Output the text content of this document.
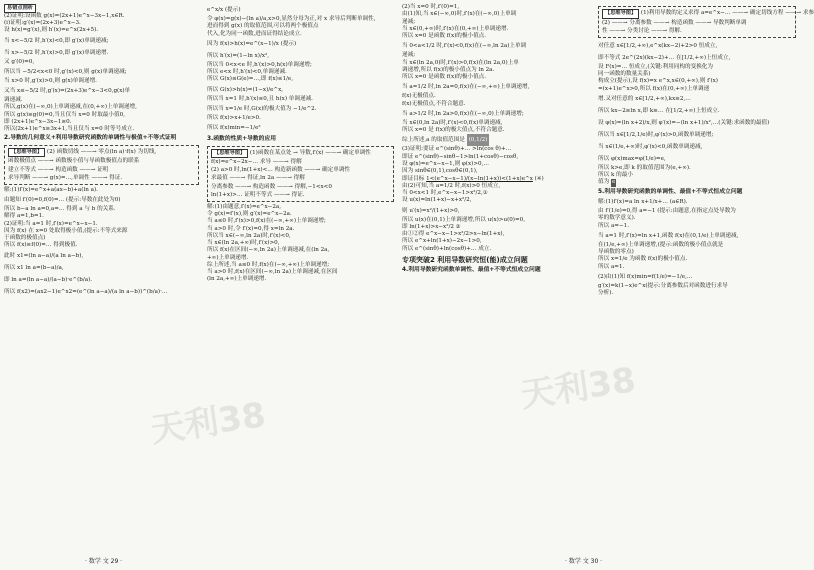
天利38
天利38
易错点剖析
(2)证明:设函数 g(x)=(2x+1)e^x−3x−1,x∈R.
(i)证明:g′(x)=(2x+3)e^x−3.
设 h(x)=g′(x),则 h′(x)=e^x(2x+5).
当 x<−5/2 时,h′(x)<0,即 g′(x)单调递减;
当 x>−5/2 时,h′(x)>0,即 g′(x)单调递增.
又 g′(0)=0,
所以当 −5/2<x<0 时,g′(x)<0,则 g(x)单调递减;
当 x>0 时,g′(x)>0,则 g(x)单调递增.
又当 x≤−5/2 时,g′(x)=(2x+3)e^x−3<0,g(x)单
调递减.
所以,g(x)在(−∞,0)上单调递减,在(0,+∞)上单调递增,
所以 g(x)≥g(0)=0,当且仅当 x=0 时取最小值0,
即 (2x+1)e^x−3x−1≥0.
所以(2x+1)e^x≥3x+1,当且仅当 x=0 时等号成立.
2.导数的几何意义+利用导数研究函数的单调性与极值+不等式证明
【思维导图】 (2) 函数切线 ——→ 零点(ln a)·f(x) 为切线,
函数极值点 ——→ 函数极小值与导函数极值点的联系
建立不等式 ——→ 构造函数 ——→ 证明
求导判断 ——→ g(x)=…,单调性 ——→ 得证.
解:(1)f′(x)=e^x+a(ax−b)+a(ln a).
由题知 f′(0)=0,f(0)=… (提示:导数在此处为0)
所以 b−a ln a=0,a=… 得到 a 与 b 的关系.
解得 a=1,b=1.
(2)证明:当 a=1 时,f′(x)=e^x−x−1.
因为 f(x) 在 x=0 处取得极小值,(提示:不等式来源
于函数的极值点)
所以 f(x)≥f(0)=… 得到极值.
此时 x1=(ln a−a)/(a ln a−b),
所以 x1 ln a=(b−a)/a,
即 ln a=(ln a−a)/(a−b)·e^(b/a).
所以 f(x2)=(ax2−1)e^x2=(e^(ln a−a)/(a ln a−b))^(b/a)·…
e^x/x (提示)
令 φ(x)=g(x)−(ln a)/a,x>0,显然分母为正,对 x 求导后判断单调性,
进而得到 g(x) 的取值范围,可以将两个极值点
代入,化为同一函数,进而证得结论成立.
因为 f(x)>h(x)=e^(x−1)/x (提示)
所以 h′(x)=(1−ln x)/x²,
所以当 0<x<e 时,h′(x)>0,h(x)单调递增;
所以 e<x 时,h′(x)<0,单调递减.
所以 G(x)≤G(e)=…,即 f(x)≤1/e,
所以 G(x)>h(x)=(1−x)/e^x,
所以当 x=1 时,h′(x)≤0,且 h(x) 单调递减.
所以当 x=1/e 时,G(x)的极大值为 −1/e^2.
所以 f(x)>x+1/e>0.
所以 f(x)min=−1/e²
3.函数的性质+导数的应用
【思维导图】 (1)函数在某点处 → 导数,f′(x) ——→ 确定单调性
f(x)=e^x−2x−… 求导 ——→ 得解
(2) a>0 时,ln(1+x)<… 构造新函数 ——→ 确定单调性
求最值 ——→ 得证,ln 2a ——→ 得解
分离参数 ——→ 构造函数 ——→ 得解,−1<x<0
ln(1+x)>… 证明不等式 ——→ 得证.
解:(1)由题意,f′(x)=e^x−2a,
令 g(x)=f′(x),则 g′(x)=e^x−2a.
当 a≤0 时,f′(x)>0,f(x)在(−∞,+∞)上单调递增;
当 a>0 时,令 f′(x)=0,得 x=ln 2a.
所以当 x∈(−∞,ln 2a)时,f′(x)<0,
当 x∈(ln 2a,+∞)时,f′(x)>0,
所以 f(x)在区间(−∞,ln 2a)上单调递减,在(ln 2a,
+∞)上单调递增.
综上所述,当 a≤0 时,f(x)在(−∞,+∞)上单调递增;
当 a>0 时,f(x)在区间(−∞,ln 2a)上单调递减,在区间
(ln 2a,+∞)上单调递增.
(2)当 x=0 时,f′(0)=1,
由(1)知,当 x∈(−∞,0)时,f′(x)在(−∞,0)上单调
递减;
当 x∈(0,+∞)时,f′(x)在(0,+∞)上单调递增.
所以 x=0 是函数 f(x)的极小值点.
当 0<a<1/2 时,f′(x)<0,f(x)在(−∞,ln 2a)上单调
递减;
当 x∈(ln 2a,0)时,f′(x)>0,f(x)在(ln 2a,0)上单
调递增,所以 f(x)的极小值点为 ln 2a.
所以 x=0 是函数 f(x)的极小值点.
当 a=1/2 时,ln 2a=0,f(x)在(−∞,+∞)上单调递增,
f(x)无极值点.
f(x)无极值点,不符合题意.
当 a>1/2 时,ln 2a>0,f(x)在(−∞,0)上单调递增;
当 x∈(0,ln 2a)时,f′(x)<0,f(x)单调递减,
所以 x=0 是 f(x)的极大值点,不符合题意.
综上所述,a 的取值范围是 (0,1/2)
(3)证明:要证 e^(sinθ)+… >ln(cos θ)+…
即证 e^(sinθ)−sinθ−1>ln(1+cosθ)−cosθ,
设 φ(x)=e^x−x−1,则 φ(x)>0,…
因为 sinθ∈(0,1),cosθ∈(0,1),
即证目标 1<(e^x−x−1)/(x−ln(1+x))<(1+x)e^x (※)
由(2)可知,当 a=1/2 时,f(x)>0 恒成立,
当 0<x<1 时,e^x−x−1>x²/2,①
设 u(x)=ln(1+x)−x+x²/2,
则 u′(x)=x²/(1+x)>0,
所以 u(x)在(0,1)上单调递增,所以 u(x)>u(0)=0,
即 ln(1+x)>x−x²/2 ②
由①②得 e^x−x−1>x²/2>x−ln(1+x),
所以 e^x+ln(1+x)−2x−1>0,
所以 e^(sinθ)+ln(cosθ)+… 成立.
专项突破2 利用导数研究恒(能)成立问题
4.利用导数研究函数单调性、最值+不等式恒成立问题
【思维导图】 (1)利用导数的定义求得 a=e^x−… ——→ 确定切线方程 ——→ 求参
(2) ——→ 分离参数 ——→ 构造函数 ——→ 导数判断单调
性 ——→ 分类讨论 ——→ 得解.
对任意 x∈[1/2,+∞),e^x(kx−2)+2>0 恒成立,
即不等式 2e^(2x)(kx−2)+… 在[1/2,+∞)上恒成立,
设 F(x)=… 恒成立,(关键:利用同构的变换化为
同一函数的数量关系)
构成立(提示),设 f(x)=x e^x,x∈(0,+∞),则 f′(x)
=(x+1)e^x>0,所以 f(x)在(0,+∞)上单调递
增.又对任意的 x∈[1/2,+∞),kx≥2,…
所以 kx−2≥ln x,即 k≥… 在[1/2,+∞)上恒成立.
设 φ(x)=(ln x+2)/x,则 φ′(x)=−(ln x+1)/x²,…(关键:求函数的最值)
所以当 x∈[1/2,1/e)时,φ′(x)>0,函数单调递增;
当 x∈(1/e,+∞)时,φ′(x)<0,函数单调递减,
所以 φ(x)max=φ(1/e)=e,
所以 k>e,即 k 的取值范围为(e,+∞).
所以 k 的最小
值为 e
5.利用导数研究函数的单调性、最值+不等式恒成立问题
解:(1)f′(x)=a ln x+1/x+… (a∈R).
由 f′(1/e)=0,得 a=−1 (提示:由题意,在指定点处导数为
零的数学意义).
所以 a=−1.
当 a=1 时,f′(x)=ln x+1,函数 f(x)在(0,1/e)上单调递减,
在(1/e,+∞)上单调递增,(提示:函数的极小值点就是
导函数的零点)
所以 x=1/e 为函数 f(x)的极小值点.
所以 a=1.
(2)由(1)知 f(x)min=f(1/e)=−1/e,…
g′(x)=k(1−x)e^x(提示:分离参数后对函数进行求导
分析).
· 数学 文 29 ·	· 数学 文 30 ·
